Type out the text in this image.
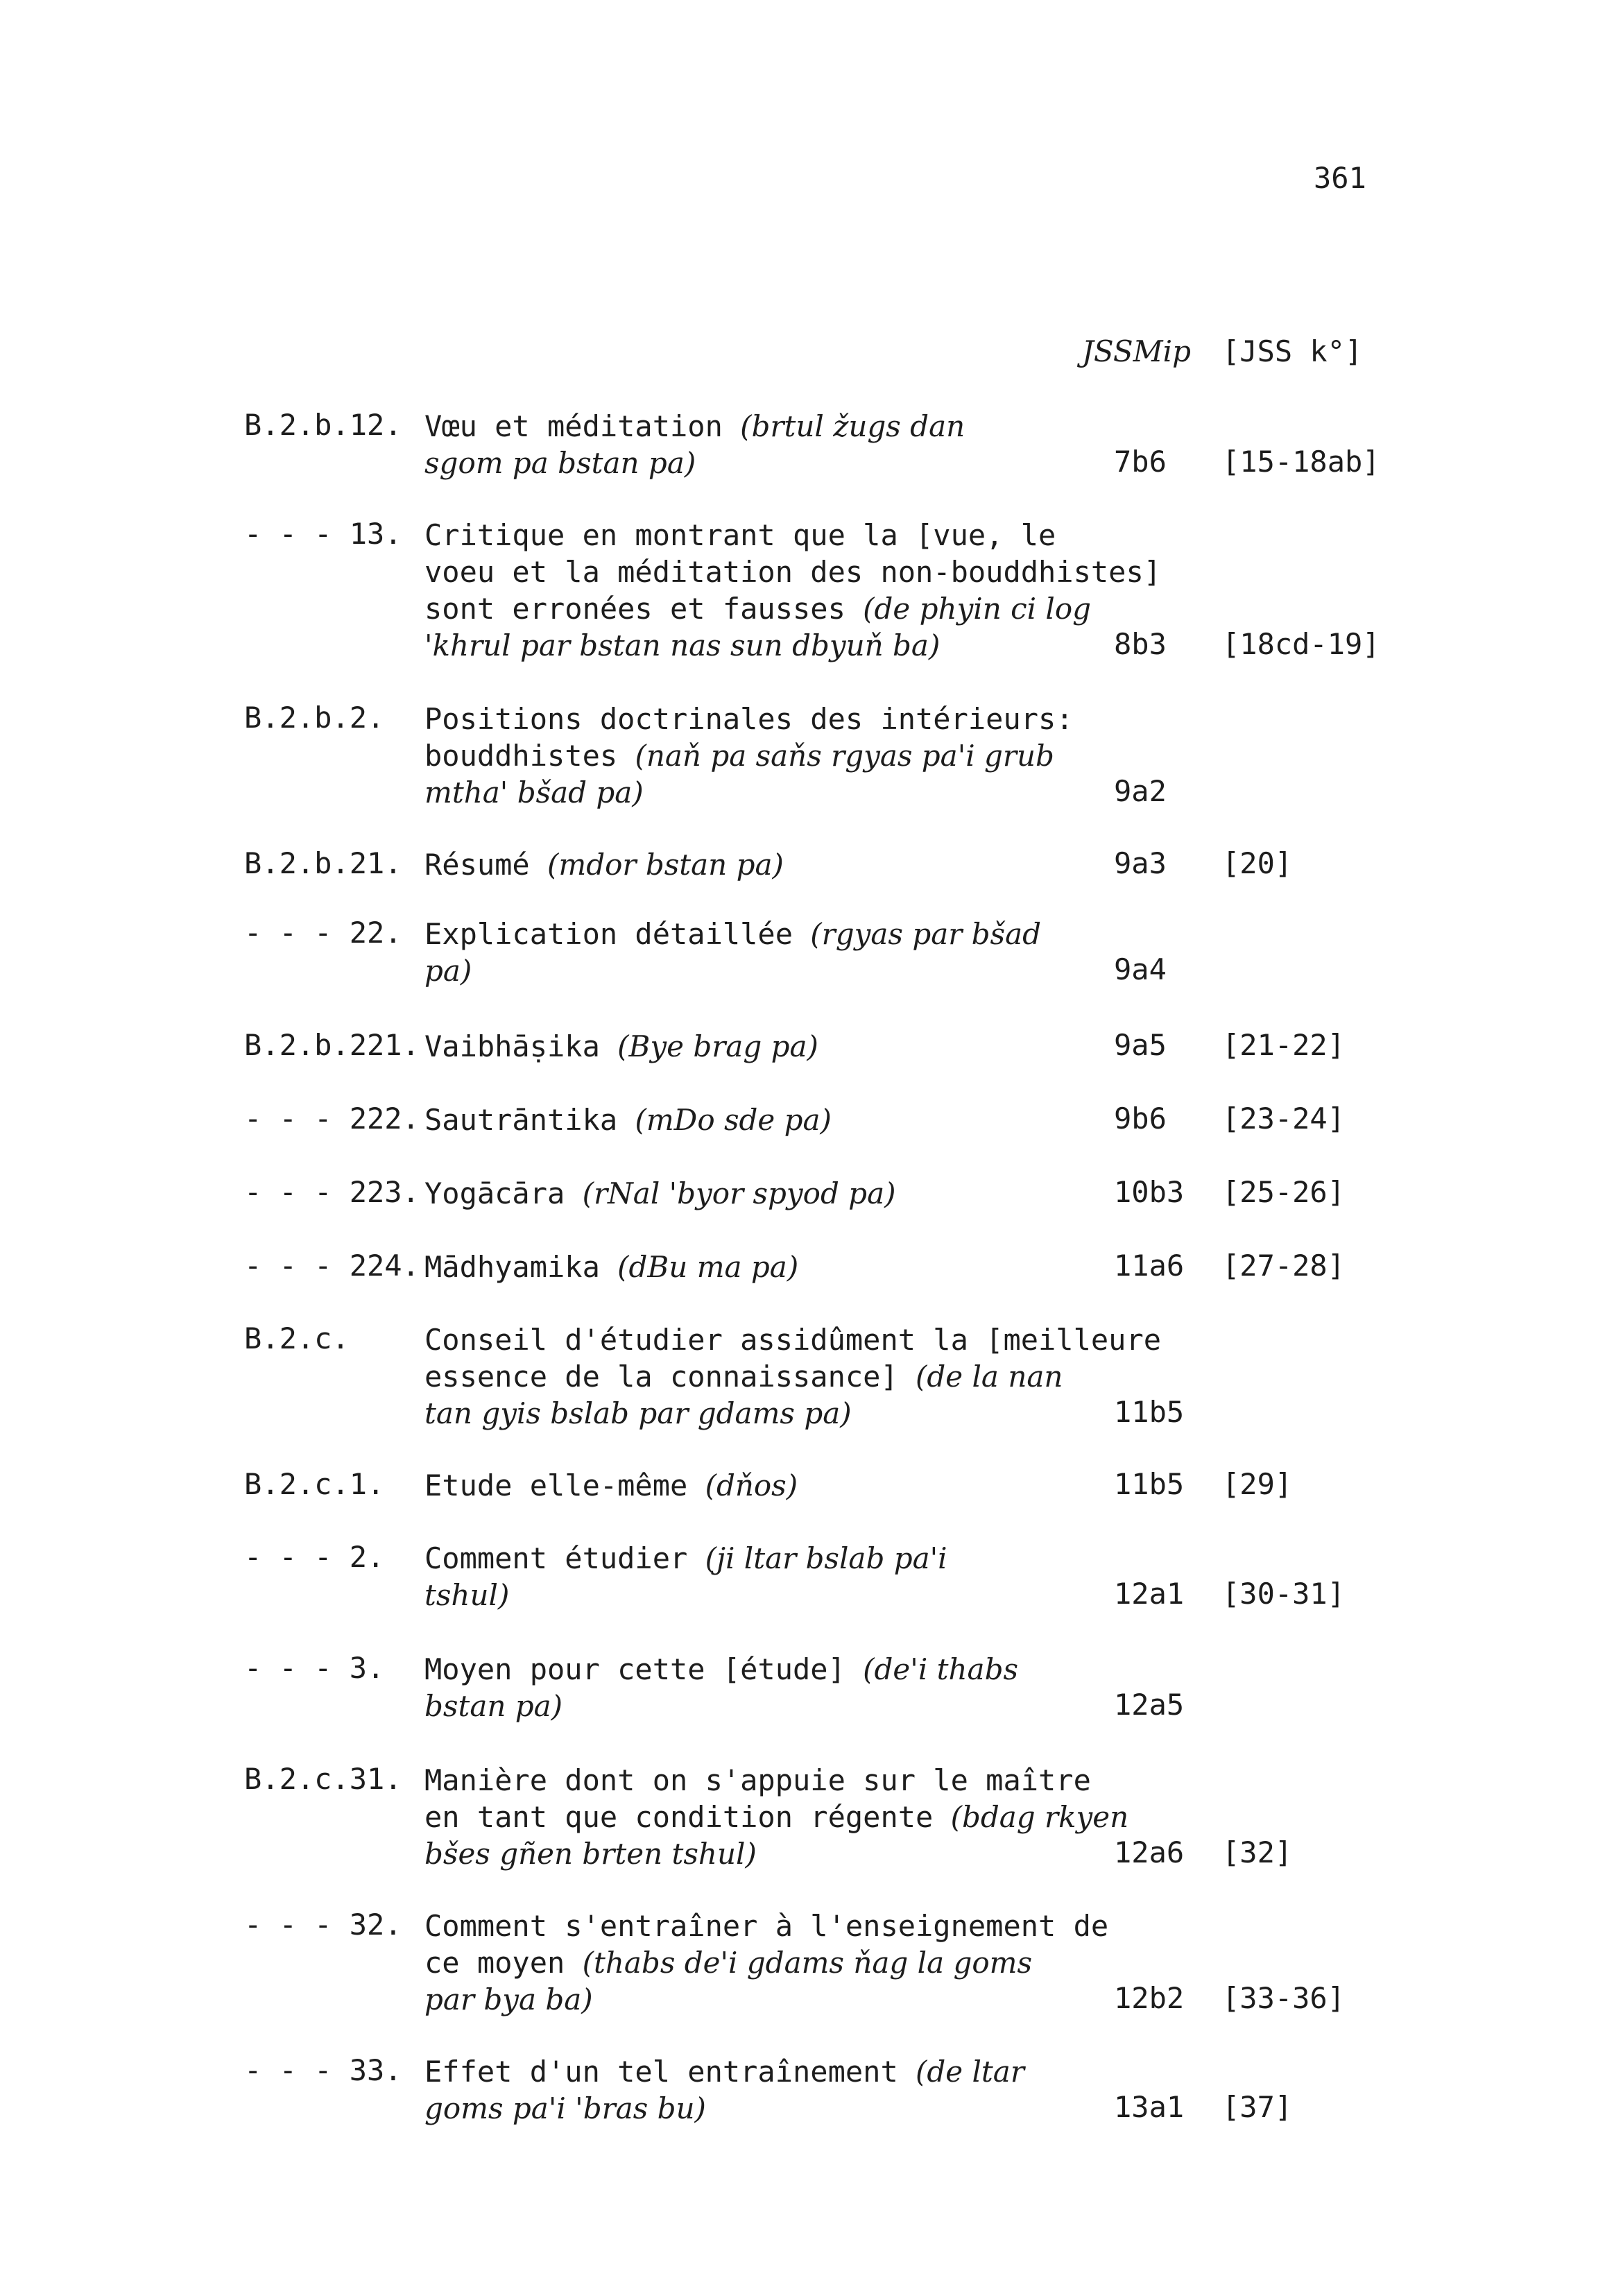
361
JSSMip [JSS k°]
B.2.b.12. Vœu et méditation (brtul žugs dan
sgom pa bstan pa)	7b6 [15-18ab]
- - - 13. Critique en montrant que la [vue, le
voeu et la méditation des non-bouddhistes]
sont erronées et fausses (de phyin ci log
'khrul par bstan nas sun dbyuň ba)	8b3 [18cd-19]
B.2.b.2. Positions doctrinales des intérieurs:
bouddhistes (naň pa saňs rgyas pa'i grub
mtha' bšad pa)	9a2
B.2.b.21. Résumé (mdor bstan pa)	9a3 [20]
- - - 22. Explication détaillée (rgyas par bšad
pa)	9a4
B.2.b.221. Vaibhāṣika (Bye brag pa)	9a5 [21-22]
- - - 222. Sautrāntika (mDo sde pa)	9b6 [23-24]
- - - 223. Yogācāra (rNal 'byor spyod pa)	10b3 [25-26]
- - - 224. Mādhyamika (dBu ma pa)	11a6 [27-28]
B.2.c.	Conseil d'étudier assidûment la [meilleure
essence de la connaissance] (de la nan
tan gyis bslab par gdams pa)	11b5
B.2.c.1. Etude elle-même (dňos)	11b5 [29]
- - - 2. Comment étudier (ji ltar bslab pa'i
tshul)	12a1 [30-31]
- - - 3. Moyen pour cette [étude] (de'i thabs
bstan pa)	12a5
B.2.c.31. Manière dont on s'appuie sur le maître
en tant que condition régente (bdag rkyen
bšes gñen brten tshul)	12a6 [32]
- - - 32. Comment s'entraîner à l'enseignement de
ce moyen (thabs de'i gdams ňag la goms
par bya ba)	12b2 [33-36]
- - - 33. Effet d'un tel entraînement (de ltar
goms pa'i 'bras bu)	13a1 [37]
